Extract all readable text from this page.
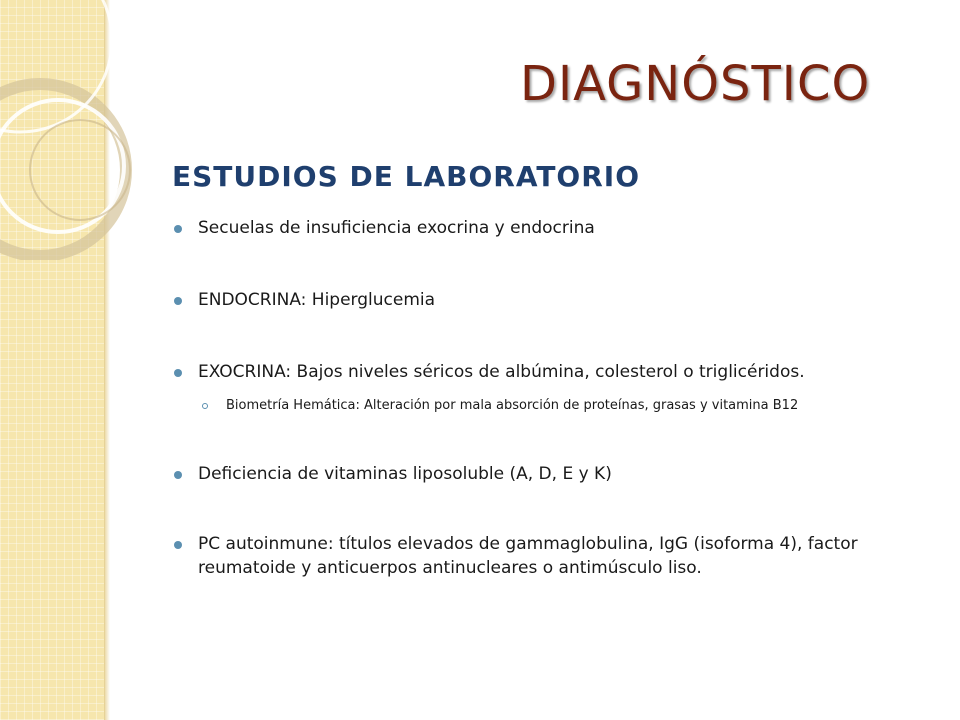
DIAGNÓSTICO
ESTUDIOS DE LABORATORIO
Secuelas de insuficiencia exocrina y endocrina
ENDOCRINA: Hiperglucemia
EXOCRINA: Bajos niveles séricos de albúmina, colesterol o triglicéridos.
Biometría Hemática: Alteración por mala absorción de proteínas, grasas y vitamina B12
Deficiencia de vitaminas liposoluble (A, D, E y K)
PC autoinmune: títulos elevados de gammaglobulina, IgG (isoforma 4), factor reumatoide y anticuerpos antinucleares o antimúsculo liso.
